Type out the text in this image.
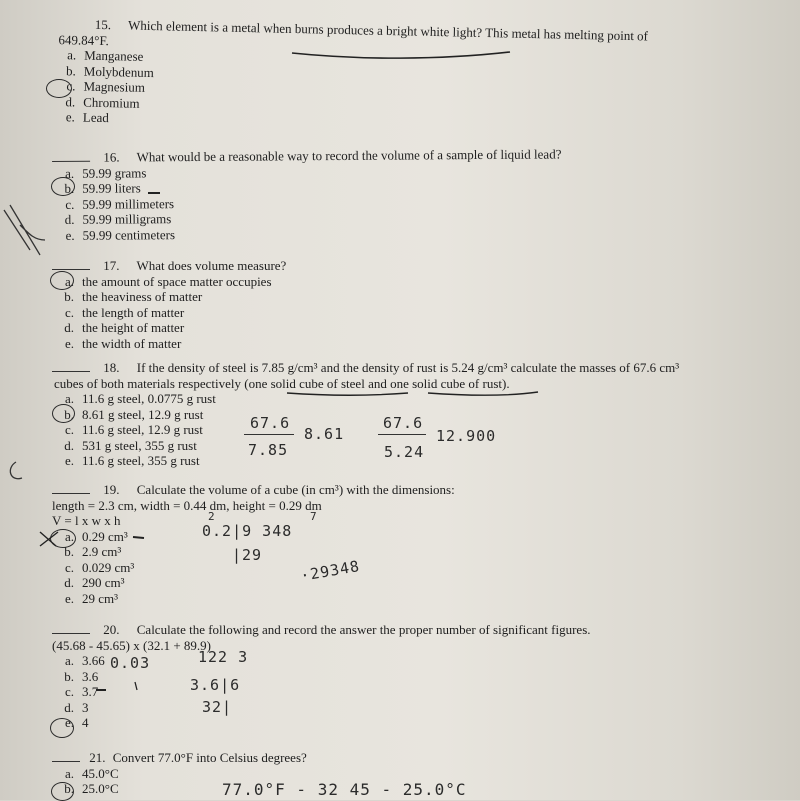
15. Which element is a metal when burns produces a bright white light? This metal has melting point of
649.84°F.
a. Manganese
b. Molybdenum
c. Magnesium
d. Chromium
e. Lead
16. What would be a reasonable way to record the volume of a sample of liquid lead?
a. 59.99 grams
b. 59.99 liters
c. 59.99 millimeters
d. 59.99 milligrams
e. 59.99 centimeters
17. What does volume measure?
a. the amount of space matter occupies
b. the heaviness of matter
c. the length of matter
d. the height of matter
e. the width of matter
18. If the density of steel is 7.85 g/cm³ and the density of rust is 5.24 g/cm³ calculate the masses of 67.6 cm³
cubes of both materials respectively (one solid cube of steel and one solid cube of rust).
a. 11.6 g steel, 0.0775 g rust
b. 8.61 g steel, 12.9 g rust
c. 11.6 g steel, 12.9 g rust
d. 531 g steel, 355 g rust
e. 11.6 g steel, 355 g rust
19. Calculate the volume of a cube (in cm³) with the dimensions:
length = 2.3 cm, width = 0.44 dm, height = 0.29 dm
V = l x w x h
a. 0.29 cm³
b. 2.9 cm³
c. 0.029 cm³
d. 290 cm³
e. 29 cm³
20. Calculate the following and record the answer the proper number of significant figures.
(45.68 - 45.65) x (32.1 + 89.9)
a. 3.66
b. 3.6
c. 3.7
d. 3
e. 4
21. Convert 77.0°F into Celsius degrees?
a. 45.0°C
b. 25.0°C
67.6
7.85
8.61
67.6
5.24
12.900
2	7
0.2|9 348
|29
·29348
0.03	122 3
3.6|6
32|
77.0°F - 32 45 - 25.0°C
